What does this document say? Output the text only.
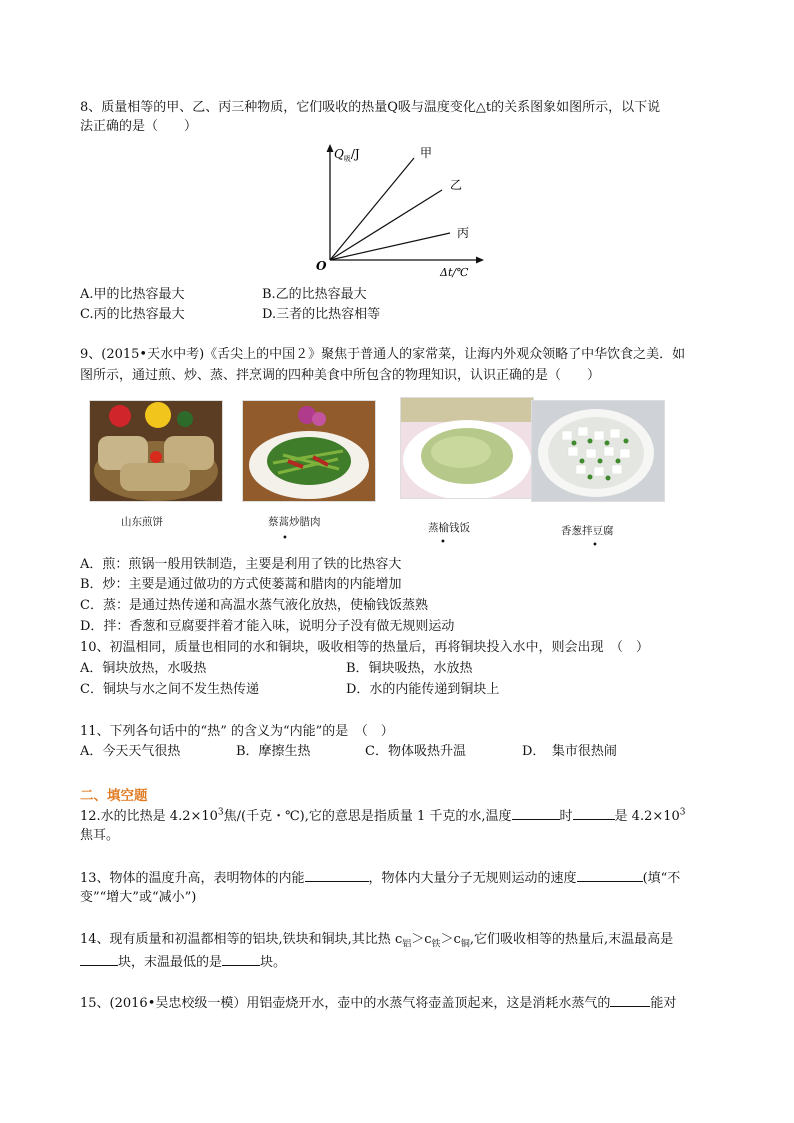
8、质量相等的甲、乙、丙三种物质，它们吸收的热量Q吸与温度变化△t的关系图象如图所示，以下说
法正确的是（　　）
$Q_吸/J$	甲
乙
丙
O	Δt/℃
A.甲的比热容最大	B.乙的比热容最大
C.丙的比热容最大	D.三者的比热容相等
9、(2015•天水中考)《舌尖上的中国２》聚焦于普通人的家常菜，让海内外观众领略了中华饮食之美．如
图所示，通过煎、炒、蒸、拌烹调的四种美食中所包含的物理知识，认识正确的是（　　）
山东煎饼	蔡蒿炒腊肉	蒸榆钱饭	香葱拌豆腐
•	•	•
A．煎：煎锅一般用铁制造，主要是利用了铁的比热容大
B．炒：主要是通过做功的方式使蒌蒿和腊肉的内能增加
C．蒸：是通过热传递和高温水蒸气液化放热，使榆钱饭蒸熟
D．拌：香葱和豆腐要拌着才能入味，说明分子没有做无规则运动
10、初温相同，质量也相同的水和铜块，吸收相等的热量后，再将铜块投入水中，则会出现　（　）
A．铜块放热，水吸热	B．铜块吸热，水放热
C．铜块与水之间不发生热传递	D．水的内能传递到铜块上
11、下列各句话中的“热” 的含义为“内能”的是　（　）
A．今天天气很热	B．摩擦生热	C．物体吸热升温	D．　集市很热闹
二、填空题
12.水的比热是 $4.2\times 10^3$焦/(千克・℃),它的意思是指质量 1 千克的水,温度	时	是 $4.2\times 10^3$
焦耳。
13、物体的温度升高，表明物体的内能	，物体内大量分子无规则运动的速度	(填“不
变”“增大”或“减小”)
14、现有质量和初温都相等的铝块,铁块和铜块,其比热 $c_铝>c_铁>c_铜$,它们吸收相等的热量后,末温最高是
块，末温最低的是	块。
15、(2016•吴忠校级一模）用铝壶烧开水，壶中的水蒸气将壶盖顶起来，这是消耗水蒸气的	能对
